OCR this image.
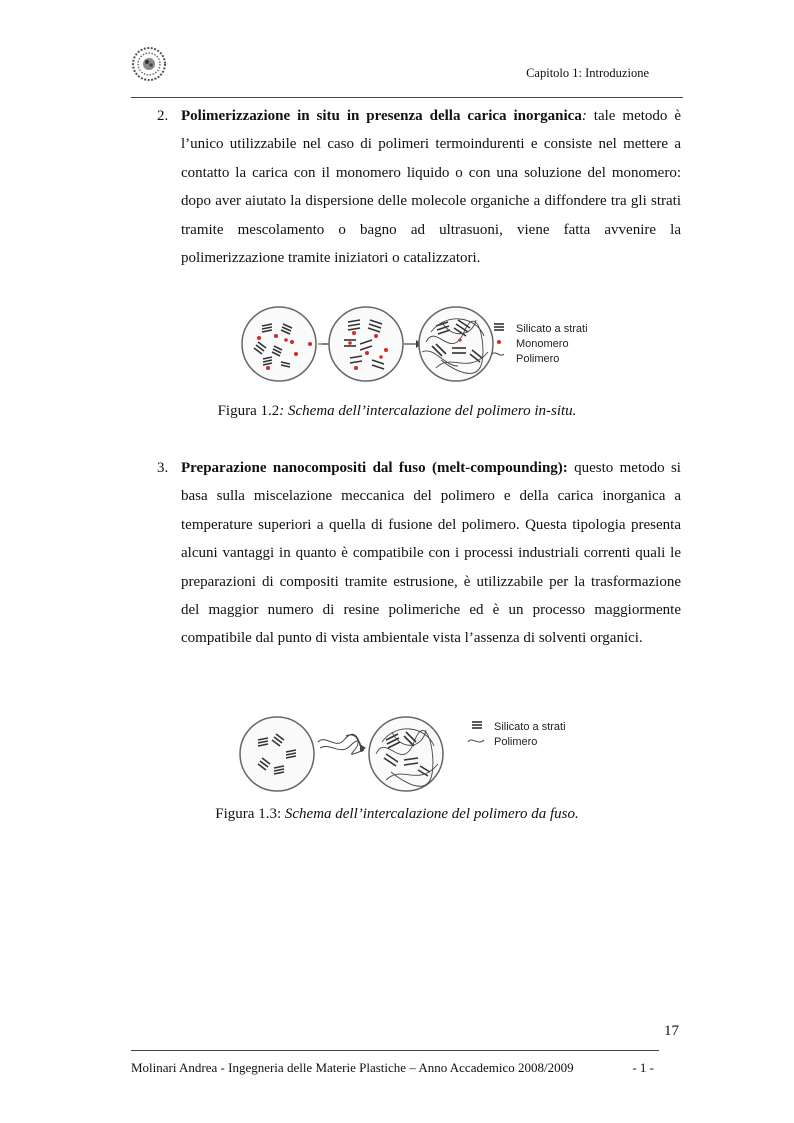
Capitolo 1: Introduzione
2. Polimerizzazione in situ in presenza della carica inorganica: tale metodo è l’unico utilizzabile nel caso di polimeri termoindurenti e consiste nel mettere a contatto la carica con il monomero liquido o con una soluzione del monomero: dopo aver aiutato la dispersione delle molecole organiche a diffondere tra gli strati tramite mescolamento o bagno ad ultrasuoni, viene fatta avvenire la polimerizzazione tramite iniziatori o catalizzatori.
Silicato a strati
Monomero
Polimero
Figura 1.2: Schema dell’intercalazione del polimero in-situ.
3. Preparazione nanocompositi dal fuso (melt-compounding): questo metodo si basa sulla miscelazione meccanica del polimero e della carica inorganica a temperature superiori a quella di fusione del polimero. Questa tipologia presenta alcuni vantaggi in quanto è compatibile con i processi industriali correnti quali le preparazioni di compositi tramite estrusione, è utilizzabile per la trasformazione del maggior numero di resine polimeriche ed è un processo maggiormente compatibile dal punto di vista ambientale vista l’assenza di solventi organici.
Silicato a strati
Polimero
Figura 1.3: Schema dell’intercalazione del polimero da fuso.
17
Molinari Andrea - Ingegneria delle Materie Plastiche – Anno Accademico 2008/2009	- 1 -
